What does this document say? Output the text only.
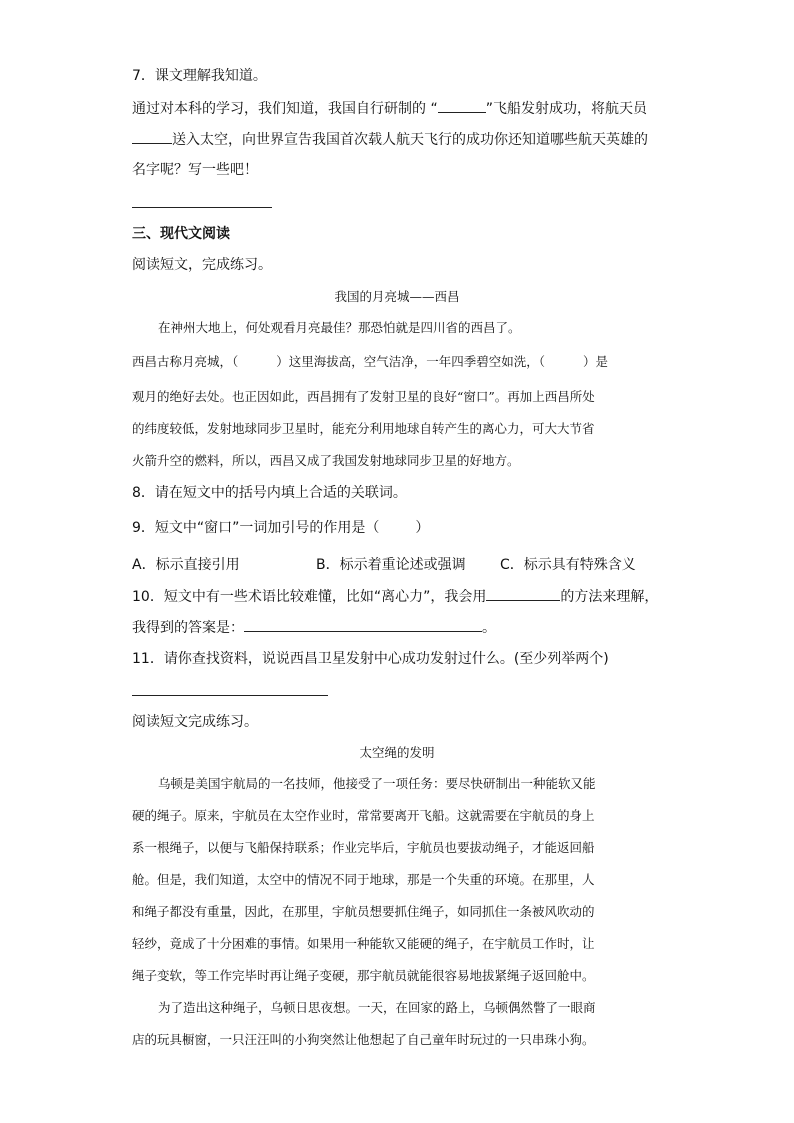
7．课文理解我知道。
通过对本科的学习，我们知道，我国自行研制的 “	”飞船发射成功，将航天员
送入太空，向世界宣告我国首次载人航天飞行的成功你还知道哪些航天英雄的
名字呢？写一些吧！
三、现代文阅读
阅读短文，完成练习。
我国的月亮城——西昌
在神州大地上，何处观看月亮最佳？那恐怕就是四川省的西昌了。
西昌古称月亮城，（	）这里海拔高，空气洁净，一年四季碧空如洗，（	）是
观月的绝好去处。也正因如此，西昌拥有了发射卫星的良好“窗口”。再加上西昌所处
的纬度较低，发射地球同步卫星时，能充分利用地球自转产生的离心力，可大大节省
火箭升空的燃料，所以，西昌又成了我国发射地球同步卫星的好地方。
8．请在短文中的括号内填上合适的关联词。
9．短文中“窗口”一词加引号的作用是（	）
A．标示直接引用	B．标示着重论述或强调 C．标示具有特殊含义
10．短文中有一些术语比较难懂，比如“离心力”，我会用	的方法来理解，
我得到的答案是：	。
11．请你查找资料，说说西昌卫星发射中心成功发射过什么。(至少列举两个)
阅读短文完成练习。
太空绳的发明
乌顿是美国宇航局的一名技师，他接受了一项任务：要尽快研制出一种能软又能
硬的绳子。原来，宇航员在太空作业时，常常要离开飞船。这就需要在宇航员的身上
系一根绳子，以便与飞船保持联系；作业完毕后，宇航员也要拔动绳子，才能返回船
舱。但是，我们知道，太空中的情况不同于地球，那是一个失重的环境。在那里，人
和绳子都没有重量，因此，在那里，宇航员想要抓住绳子，如同抓住一条被风吹动的
轻纱，竟成了十分困难的事情。如果用一种能软又能硬的绳子，在宇航员工作时，让
绳子变软，等工作完毕时再让绳子变硬，那宇航员就能很容易地拔紧绳子返回舱中。
为了造出这种绳子，乌顿日思夜想。一天，在回家的路上，乌顿偶然瞥了一眼商
店的玩具橱窗，一只汪汪叫的小狗突然让他想起了自己童年时玩过的一只串珠小狗。
